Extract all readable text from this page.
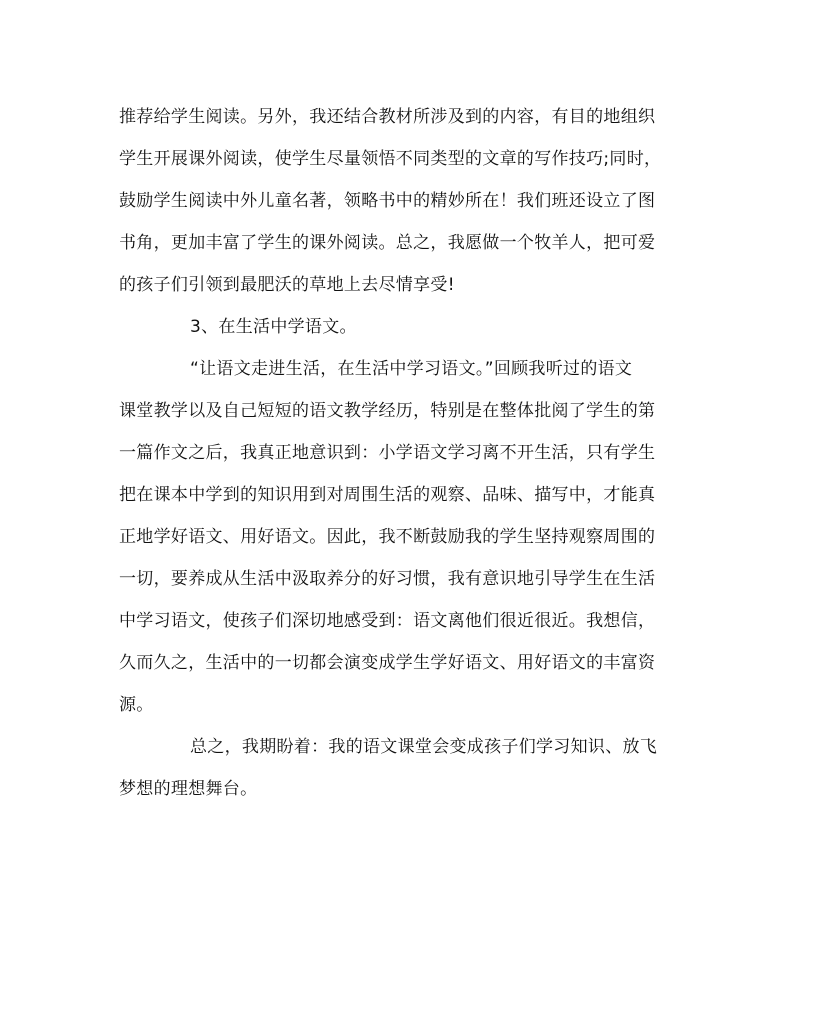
推荐给学生阅读。另外，我还结合教材所涉及到的内容，有目的地组织

学生开展课外阅读，使学生尽量领悟不同类型的文章的写作技巧;同时，

鼓励学生阅读中外儿童名著，领略书中的精妙所在！我们班还设立了图

书角，更加丰富了学生的课外阅读。总之，我愿做一个牧羊人，把可爱

的孩子们引领到最肥沃的草地上去尽情享受!

3、在生活中学语文。

“让语文走进生活，在生活中学习语文。”回顾我听过的语文

课堂教学以及自己短短的语文教学经历，特别是在整体批阅了学生的第

一篇作文之后，我真正地意识到：小学语文学习离不开生活，只有学生

把在课本中学到的知识用到对周围生活的观察、品味、描写中，才能真

正地学好语文、用好语文。因此，我不断鼓励我的学生坚持观察周围的

一切，要养成从生活中汲取养分的好习惯，我有意识地引导学生在生活

中学习语文，使孩子们深切地感受到：语文离他们很近很近。我想信，

久而久之，生活中的一切都会演变成学生学好语文、用好语文的丰富资

源。

总之，我期盼着：我的语文课堂会变成孩子们学习知识、放飞

梦想的理想舞台。
